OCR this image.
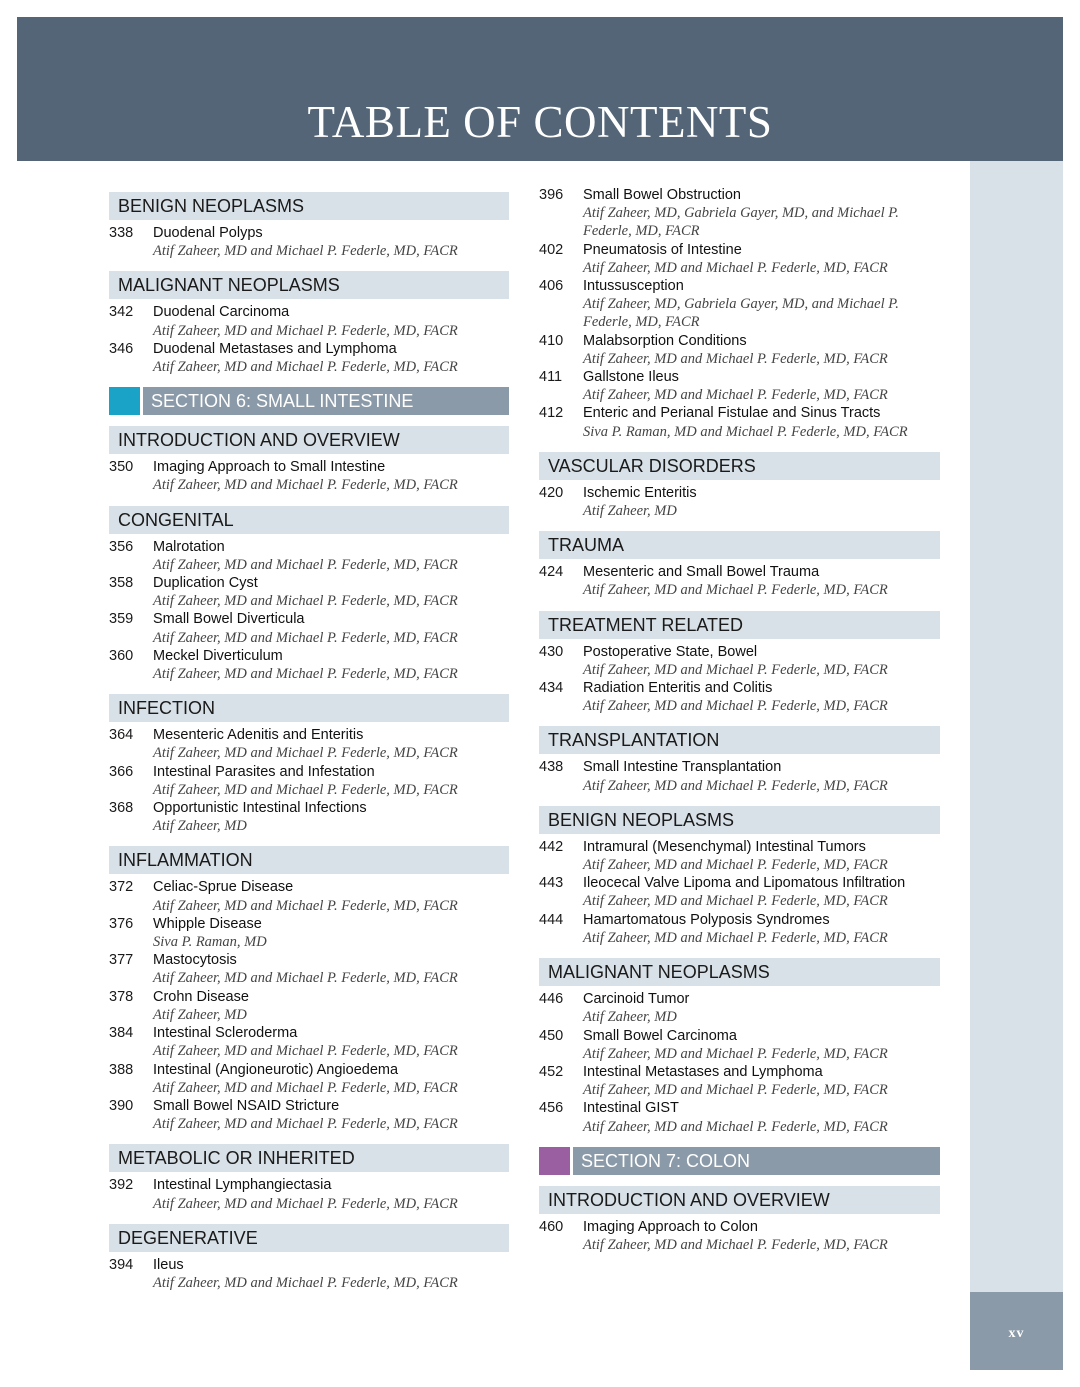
TABLE OF CONTENTS
xv
BENIGN NEOPLASMS
338	Duodenal Polyps
Atif Zaheer, MD and Michael P. Federle, MD, FACR
MALIGNANT NEOPLASMS
342	Duodenal Carcinoma
Atif Zaheer, MD and Michael P. Federle, MD, FACR
346	Duodenal Metastases and Lymphoma
Atif Zaheer, MD and Michael P. Federle, MD, FACR
SECTION 6: SMALL INTESTINE
INTRODUCTION AND OVERVIEW
350	Imaging Approach to Small Intestine
Atif Zaheer, MD and Michael P. Federle, MD, FACR
CONGENITAL
356	Malrotation
Atif Zaheer, MD and Michael P. Federle, MD, FACR
358	Duplication Cyst
Atif Zaheer, MD and Michael P. Federle, MD, FACR
359	Small Bowel Diverticula
Atif Zaheer, MD and Michael P. Federle, MD, FACR
360	Meckel Diverticulum
Atif Zaheer, MD and Michael P. Federle, MD, FACR
INFECTION
364	Mesenteric Adenitis and Enteritis
Atif Zaheer, MD and Michael P. Federle, MD, FACR
366	Intestinal Parasites and Infestation
Atif Zaheer, MD and Michael P. Federle, MD, FACR
368	Opportunistic Intestinal Infections
Atif Zaheer, MD
INFLAMMATION
372	Celiac-Sprue Disease
Atif Zaheer, MD and Michael P. Federle, MD, FACR
376	Whipple Disease
Siva P. Raman, MD
377	Mastocytosis
Atif Zaheer, MD and Michael P. Federle, MD, FACR
378	Crohn Disease
Atif Zaheer, MD
384	Intestinal Scleroderma
Atif Zaheer, MD and Michael P. Federle, MD, FACR
388	Intestinal (Angioneurotic) Angioedema
Atif Zaheer, MD and Michael P. Federle, MD, FACR
390	Small Bowel NSAID Stricture
Atif Zaheer, MD and Michael P. Federle, MD, FACR
METABOLIC OR INHERITED
392	Intestinal Lymphangiectasia
Atif Zaheer, MD and Michael P. Federle, MD, FACR
DEGENERATIVE
394	Ileus
Atif Zaheer, MD and Michael P. Federle, MD, FACR
396	Small Bowel Obstruction
Atif Zaheer, MD, Gabriela Gayer, MD, and Michael P.
Federle, MD, FACR
402	Pneumatosis of Intestine
Atif Zaheer, MD and Michael P. Federle, MD, FACR
406	Intussusception
Atif Zaheer, MD, Gabriela Gayer, MD, and Michael P.
Federle, MD, FACR
410	Malabsorption Conditions
Atif Zaheer, MD and Michael P. Federle, MD, FACR
411	Gallstone Ileus
Atif Zaheer, MD and Michael P. Federle, MD, FACR
412	Enteric and Perianal Fistulae and Sinus Tracts
Siva P. Raman, MD and Michael P. Federle, MD, FACR
VASCULAR DISORDERS
420	Ischemic Enteritis
Atif Zaheer, MD
TRAUMA
424	Mesenteric and Small Bowel Trauma
Atif Zaheer, MD and Michael P. Federle, MD, FACR
TREATMENT RELATED
430	Postoperative State, Bowel
Atif Zaheer, MD and Michael P. Federle, MD, FACR
434	Radiation Enteritis and Colitis
Atif Zaheer, MD and Michael P. Federle, MD, FACR
TRANSPLANTATION
438	Small Intestine Transplantation
Atif Zaheer, MD and Michael P. Federle, MD, FACR
BENIGN NEOPLASMS
442	Intramural (Mesenchymal) Intestinal Tumors
Atif Zaheer, MD and Michael P. Federle, MD, FACR
443	Ileocecal Valve Lipoma and Lipomatous Infiltration
Atif Zaheer, MD and Michael P. Federle, MD, FACR
444	Hamartomatous Polyposis Syndromes
Atif Zaheer, MD and Michael P. Federle, MD, FACR
MALIGNANT NEOPLASMS
446	Carcinoid Tumor
Atif Zaheer, MD
450	Small Bowel Carcinoma
Atif Zaheer, MD and Michael P. Federle, MD, FACR
452	Intestinal Metastases and Lymphoma
Atif Zaheer, MD and Michael P. Federle, MD, FACR
456	Intestinal GIST
Atif Zaheer, MD and Michael P. Federle, MD, FACR
SECTION 7: COLON
INTRODUCTION AND OVERVIEW
460	Imaging Approach to Colon
Atif Zaheer, MD and Michael P. Federle, MD, FACR
